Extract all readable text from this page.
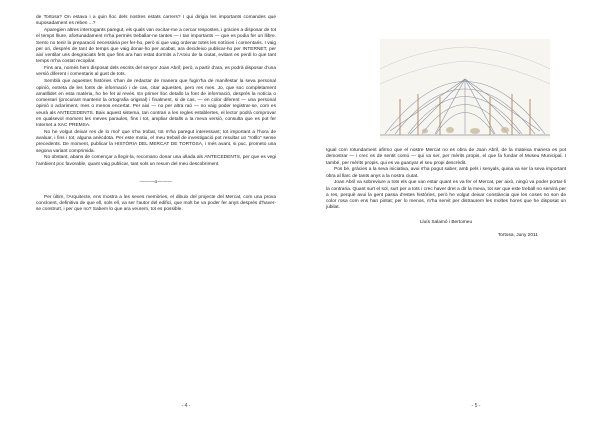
de Tortosa? On estava i a quin lloc dels nostres estats carrers? I qui dirigia les importants comandes que suposadament es reben ...?

Aparegien altres interrogants paregut, els quals van excitar-me a cercar respostes, i gràcies a disposar de tot el temps lliure, afortunadament m'ha permès treballar-ne tantes — i tan importants — que es podia fer un llibre. Sento no tenir la preparació necessària per fer-ho, però si que vaig ordenar totes les notícies i comentaris. I vaig per ori, després de tant de temps que vaig donar-ho per acabat, ara decideixo publicar-ho per INTERNET, per així ventilar uns desgraciats fets que fins ara han estat dormits a l'Arxiu de la ciutat, evitant es perdi lo que tant temps m'ha costat recopilar.

Fins ara, només hem disposat dels escrits del senyor Joan Abril; però, a partir d'ara, es podrà disposar d'una versió diferent i comentaris al gust de tots.

Semblà que aquestes històries s'han de redactar de manera que fugin'ha de manifestar la seva personal opinió, extreta de les fonts de informació i de cas, citar aquestes, pero res mes. Jo, que soc completament amatllidet en esta matèria, ho he fet al revés. En primer lloc detallo la font de informació, després la notícia o comentari (procurant mantenir la ortografia original) i finalment, si de cas, — en color diferent — una personal opinió o aclariment, mes o menos encertat. Per així — no per altra raó — no vaig poder registrar-se, com es veurà als ANTECEDENTS. Baix aquest sistema, tan contrari a les regles establertes, el lector podrà comprovar en qualsevol moment les meves paraules, fins i tot, ampliar detalls a la meva versió, consulta que es pot fer Internet a XAC PREMSA.

No he volgut deixar res de lo mol' que s'ha trobat, tot m'ha paregut interessant; tot important a l'hora de avaluar, i fins i tot, alguna anècdota. Per este motiu, el meu treball de investigació pot resultar un "rotllo" sense precedents. De moment, publicar la HISTÒRIA DEL MERCAT DE TORTOSA, i més avant, si puc, prometo una segona variant comprimida.

No obstant, abans de començar a llegir-la, recomano donar una ullada als ANTECEDENTS, per que es vegi l'ambient poc favorable, quant vaig publicar, tant sols un resum del meu descobriment.

———o———

Per últim, l'Arquitecte, ens mostra a les seves memòries, el dibuix del projecte del Mercat, com una prova concloent, definitiva de que ell, sols ell, va ser l'autor del edifici, que molt be va poder fer anys després d'haver-se construït, i per que no? Sabem lo que ara veurem, tot es possible.

- 4 -

Igual com rotundament afirmo que el nostre Mercat no es obra de Joan Abril, de la mateixa manera es pot demostrar — i crec es de sentit comú — qui va ser, per mèrits propis, el que fa fundar el Museu Municipal. I també, per mèrits propis, qui es va guanyar el seu propi descrèdit.

Pos bé, gràcies a la seva iniciativa, avui s'ha pogut saber, amb pels i senyals, quina va ser la seva important obra al llarc de tants anys a la nostra ciutat.

Joan Abril va sobreviure a tots els que van estar quant es va fer el Mercat, per això, ningú va poder portar-li la contraria. Quant surt el sol, surt per a tots i crec haver dret a dir la meva, tot ser que este treball no servirà per a res, perquè avui la gent passa d'estes històries, però he volgut deixar constància que les coses no son de color rosa com ens han pintat; per lo menos, m'ha servit per distraurem les moltes hores que he disposat un jubilat.

Lluís Salamó i Bertomeu
Tortosa, Juny 2011
- 5 -
